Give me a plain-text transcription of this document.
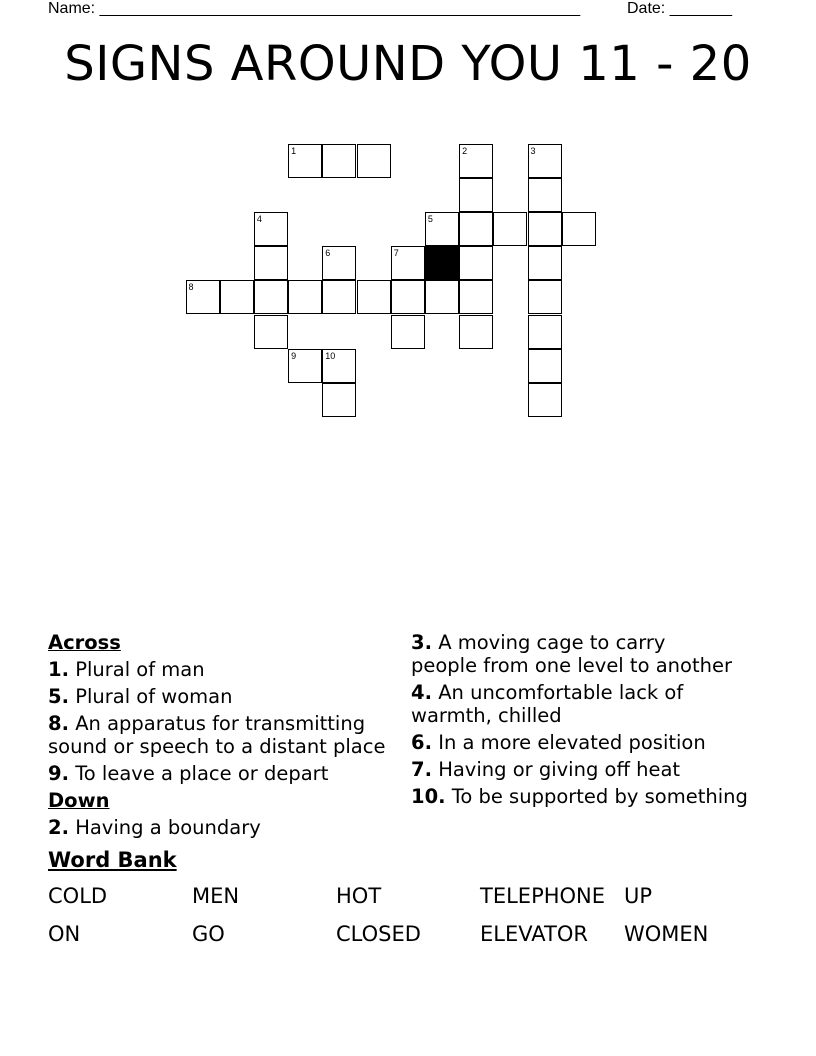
Name: ______________________________________________________	Date: _______
SIGNS AROUND YOU 11 - 20
1	2	3
4	5
6	7
8
9	10
Across
1. Plural of man
5. Plural of woman
8. An apparatus for transmitting
sound or speech to a distant place
9. To leave a place or depart
Down
2. Having a boundary
3. A moving cage to carry
people from one level to another
4. An uncomfortable lack of
warmth, chilled
6. In a more elevated position
7. Having or giving off heat
10. To be supported by something
Word Bank
COLD	MEN	HOT	TELEPHONE UP
ON	GO	CLOSED	ELEVATOR	WOMEN
